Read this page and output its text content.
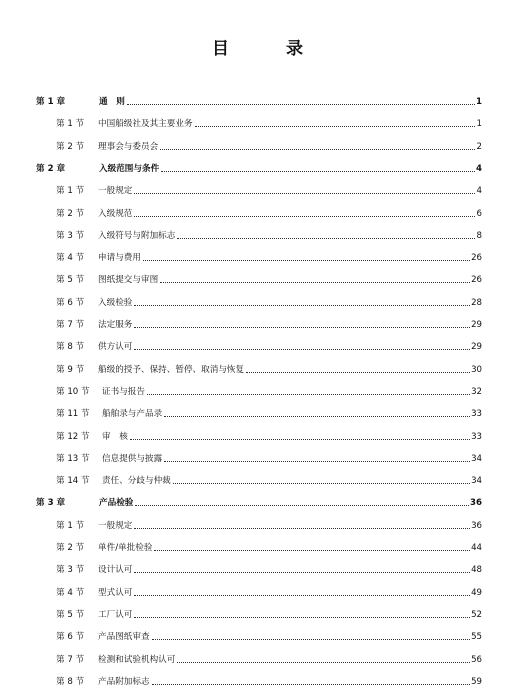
目　录
第 1 章	通　则	1
第 1 节	中国船级社及其主要业务	1
第 2 节	理事会与委员会	2
第 2 章	入级范围与条件	4
第 1 节	一般规定	4
第 2 节	入级规范	6
第 3 节	入级符号与附加标志	8
第 4 节	申请与费用	26
第 5 节	图纸提交与审图	26
第 6 节	入级检验	28
第 7 节	法定服务	29
第 8 节	供方认可	29
第 9 节	船级的授予、保持、暂停、取消与恢复	30
第 10 节	证书与报告	32
第 11 节	船舶录与产品录	33
第 12 节	审　核	33
第 13 节	信息提供与披露	34
第 14 节	责任、分歧与仲裁	34
第 3 章	产品检验	36
第 1 节	一般规定	36
第 2 节	单件/单批检验	44
第 3 节	设计认可	48
第 4 节	型式认可	49
第 5 节	工厂认可	52
第 6 节	产品图纸审查	55
第 7 节	检测和试验机构认可	56
第 8 节	产品附加标志	59
